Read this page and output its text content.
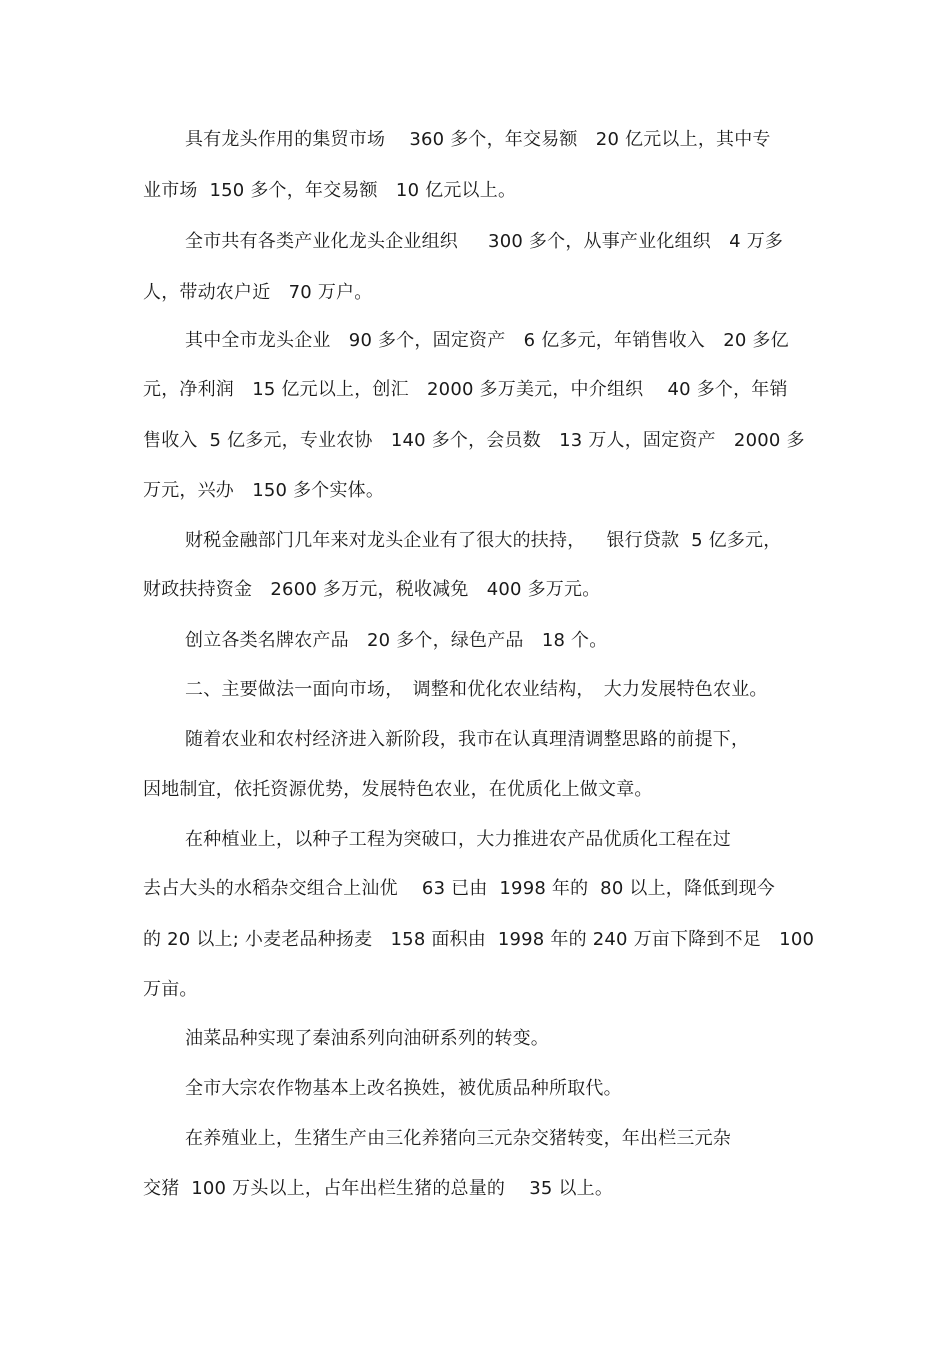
具有龙头作用的集贸市场　 360 多个，年交易额　20 亿元以上，其中专
业市场  150 多个，年交易额　10 亿元以上。
全市共有各类产业化龙头企业组织　  300 多个，从事产业化组织　4 万多
人，带动农户近　70 万户。
其中全市龙头企业　90 多个，固定资产　6 亿多元，年销售收入　20 多亿
元，净利润　15 亿元以上，创汇　2000 多万美元，中介组织　 40 多个，年销
售收入  5 亿多元，专业农协　140 多个，会员数　13 万人，固定资产　2000 多
万元，兴办　150 多个实体。
财税金融部门几年来对龙头企业有了很大的扶持，　  银行贷款  5 亿多元，
财政扶持资金　2600 多万元，税收减免　400 多万元。
创立各类名牌农产品　20 多个，绿色产品　18 个。
二、主要做法一面向市场，　调整和优化农业结构，　大力发展特色农业。
随着农业和农村经济进入新阶段，我市在认真理清调整思路的前提下，
因地制宜，依托资源优势，发展特色农业，在优质化上做文章。
在种植业上，以种子工程为突破口，大力推进农产品优质化工程在过
去占大头的水稻杂交组合上汕优　 63 已由  1998 年的  80 以上，降低到现今
的 20 以上; 小麦老品种扬麦　158 面积由  1998 年的 240 万亩下降到不足　100
万亩。
油菜品种实现了秦油系列向油研系列的转变。
全市大宗农作物基本上改名换姓，被优质品种所取代。
在养殖业上，生猪生产由三化养猪向三元杂交猪转变，年出栏三元杂
交猪  100 万头以上，占年出栏生猪的总量的　 35 以上。
